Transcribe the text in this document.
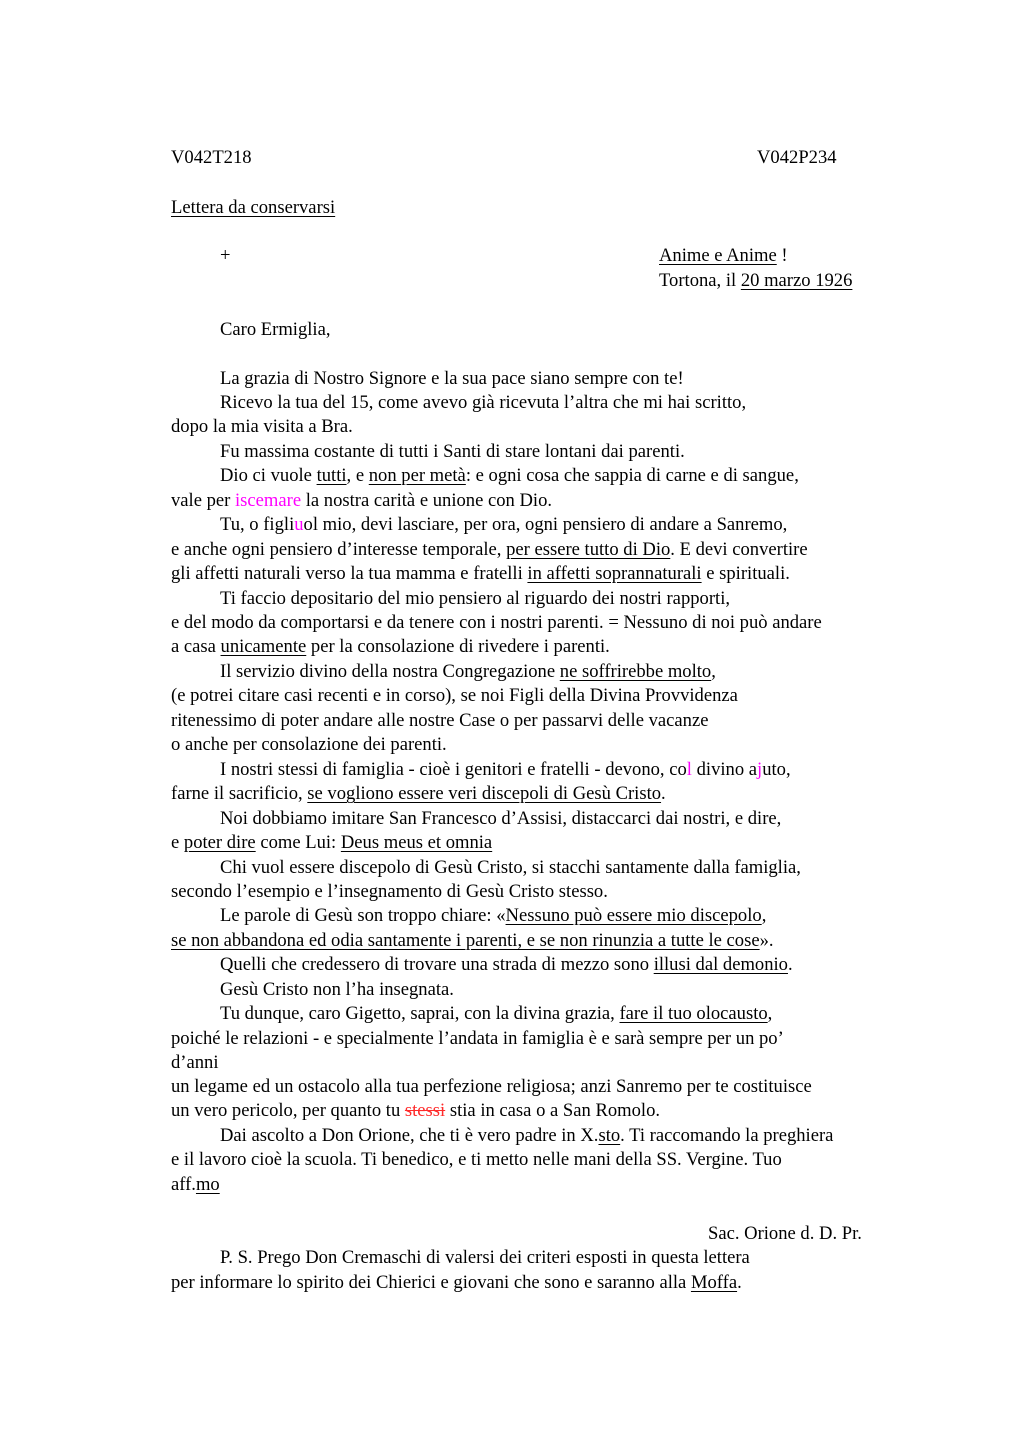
V042T218	V042P234
Lettera da conservarsi
+	Anime e Anime !
Tortona, il 20 marzo 1926
Caro Ermiglia,
La grazia di Nostro Signore e la sua pace siano sempre con te!
Ricevo la tua del 15, come avevo già ricevuta l’altra che mi hai scritto,
dopo la mia visita a Bra.
Fu massima costante di tutti i Santi di stare lontani dai parenti.
Dio ci vuole tutti, e non per metà: e ogni cosa che sappia di carne e di sangue,
vale per iscemare la nostra carità e unione con Dio.
Tu, o figliuol mio, devi lasciare, per ora, ogni pensiero di andare a Sanremo,
e anche ogni pensiero d’interesse temporale, per essere tutto di Dio. E devi convertire
gli affetti naturali verso la tua mamma e fratelli in affetti soprannaturali e spirituali.
Ti faccio depositario del mio pensiero al riguardo dei nostri rapporti,
e del modo da comportarsi e da tenere con i nostri parenti. = Nessuno di noi può andare
a casa unicamente per la consolazione di rivedere i parenti.
Il servizio divino della nostra Congregazione ne soffrirebbe molto,
(e potrei citare casi recenti e in corso), se noi Figli della Divina Provvidenza
ritenessimo di poter andare alle nostre Case o per passarvi delle vacanze
o anche per consolazione dei parenti.
I nostri stessi di famiglia - cioè i genitori e fratelli - devono, col divino ajuto,
farne il sacrificio, se vogliono essere veri discepoli di Gesù Cristo.
Noi dobbiamo imitare San Francesco d’Assisi, distaccarci dai nostri, e dire,
e poter dire come Lui: Deus meus et omnia
Chi vuol essere discepolo di Gesù Cristo, si stacchi santamente dalla famiglia,
secondo l’esempio e l’insegnamento di Gesù Cristo stesso.
Le parole di Gesù son troppo chiare: «Nessuno può essere mio discepolo,
se non abbandona ed odia santamente i parenti, e se non rinunzia a tutte le cose».
Quelli che credessero di trovare una strada di mezzo sono illusi dal demonio.
Gesù Cristo non l’ha insegnata.
Tu dunque, caro Gigetto, saprai, con la divina grazia, fare il tuo olocausto,
poiché le relazioni - e specialmente l’andata in famiglia è e sarà sempre per un po’
d’anni
un legame ed un ostacolo alla tua perfezione religiosa; anzi Sanremo per te costituisce
un vero pericolo, per quanto tu stessi stia in casa o a San Romolo.
Dai ascolto a Don Orione, che ti è vero padre in X.sto. Ti raccomando la preghiera
e il lavoro cioè la scuola. Ti benedico, e ti metto nelle mani della SS. Vergine. Tuo
aff.mo
Sac. Orione d. D. Pr.
P. S. Prego Don Cremaschi di valersi dei criteri esposti in questa lettera
per informare lo spirito dei Chierici e giovani che sono e saranno alla Moffa.
